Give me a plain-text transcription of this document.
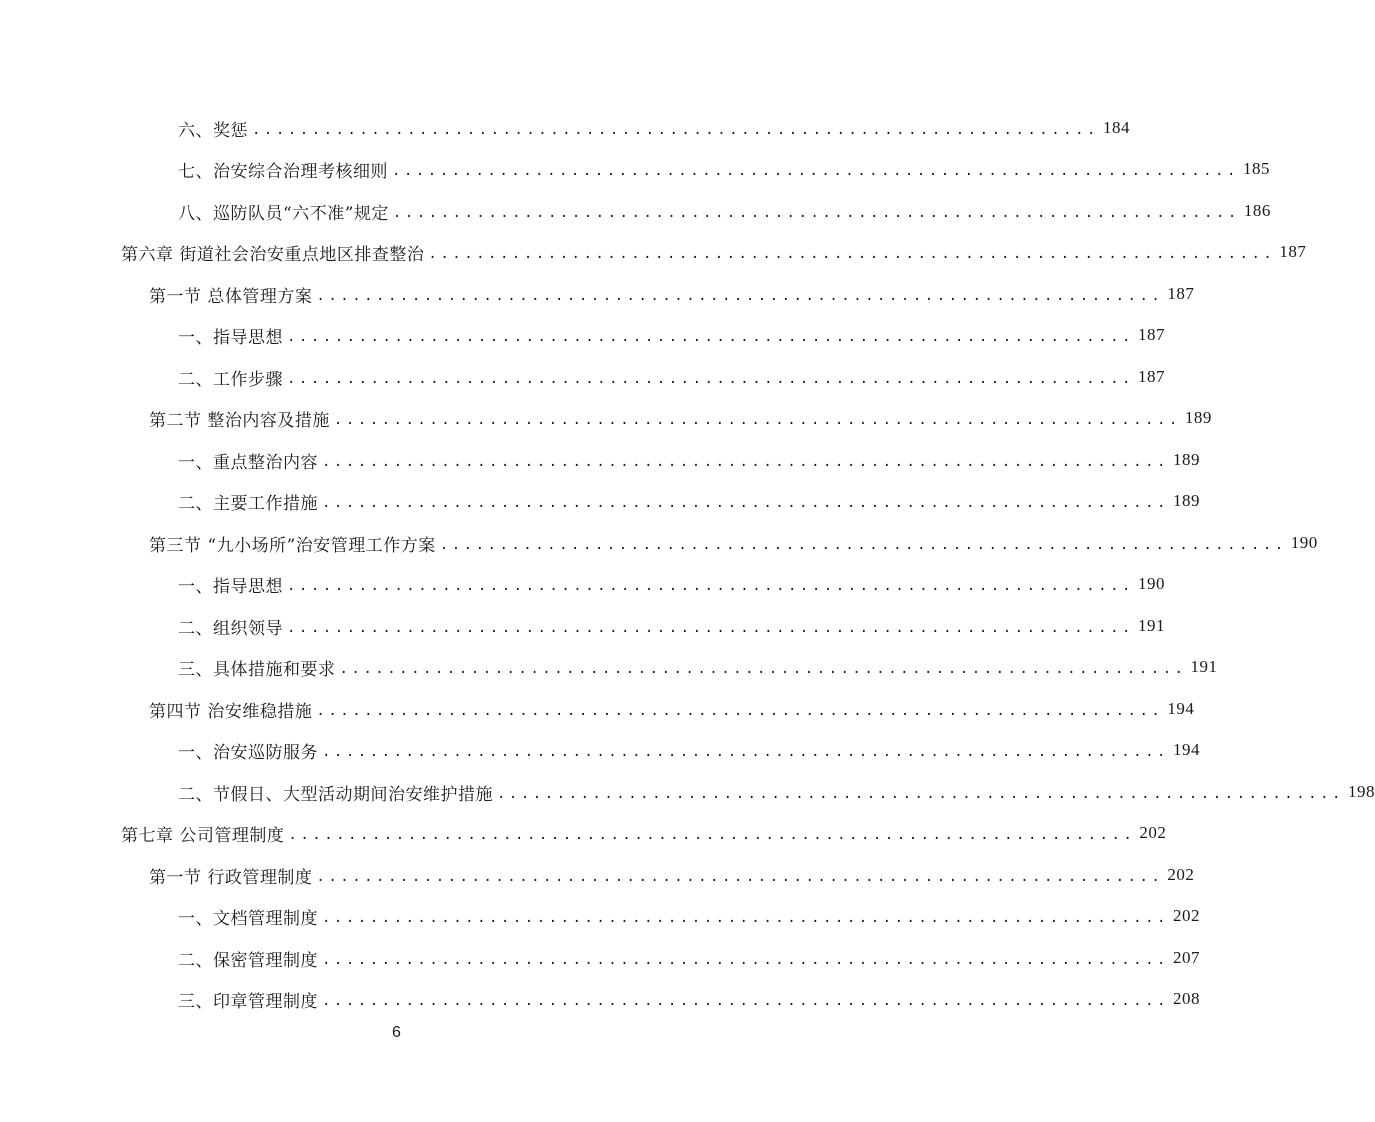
六、奖惩 ....................................................................... 184
七、治安综合治理考核细则 ....................................................................... 185
八、巡防队员“六不准”规定 ....................................................................... 186
第六章 街道社会治安重点地区排查整治 ....................................................................... 187
第一节 总体管理方案 ....................................................................... 187
一、指导思想 ....................................................................... 187
二、工作步骤 ....................................................................... 187
第二节 整治内容及措施 ....................................................................... 189
一、重点整治内容 ....................................................................... 189
二、主要工作措施 ....................................................................... 189
第三节 “九小场所”治安管理工作方案 ....................................................................... 190
一、指导思想 ....................................................................... 190
二、组织领导 ....................................................................... 191
三、具体措施和要求 ....................................................................... 191
第四节 治安维稳措施 ....................................................................... 194
一、治安巡防服务 ....................................................................... 194
二、节假日、大型活动期间治安维护措施 ....................................................................... 198
第七章 公司管理制度 ....................................................................... 202
第一节 行政管理制度 ....................................................................... 202
一、文档管理制度 ....................................................................... 202
二、保密管理制度 ....................................................................... 207
三、印章管理制度 ....................................................................... 208
6
